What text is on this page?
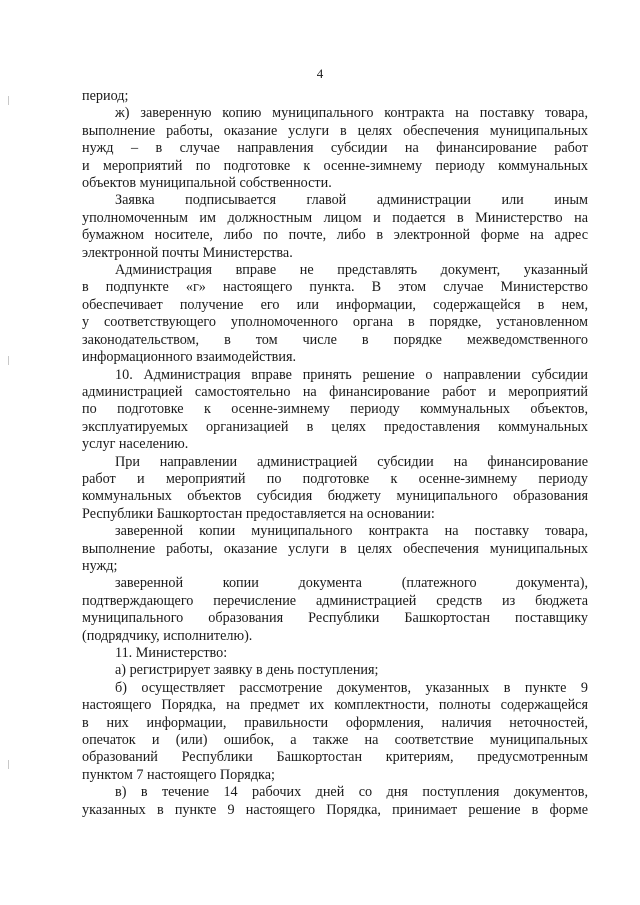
4
период;
ж) заверенную копию муниципального контракта на поставку товара,
выполнение работы, оказание услуги в целях обеспечения муниципальных
нужд – в случае направления субсидии на финансирование работ
и мероприятий по подготовке к осенне-зимнему периоду коммунальных
объектов муниципальной собственности.
Заявка подписывается главой администрации или иным
уполномоченным им должностным лицом и подается в Министерство на
бумажном носителе, либо по почте, либо в электронной форме на адрес
электронной почты Министерства.
Администрация вправе не представлять документ, указанный
в подпункте «г» настоящего пункта. В этом случае Министерство
обеспечивает получение его или информации, содержащейся в нем,
у соответствующего уполномоченного органа в порядке, установленном
законодательством, в том числе в порядке межведомственного
информационного взаимодействия.
10. Администрация вправе принять решение о направлении субсидии
администрацией самостоятельно на финансирование работ и мероприятий
по подготовке к осенне-зимнему периоду коммунальных объектов,
эксплуатируемых организацией в целях предоставления коммунальных
услуг населению.
При направлении администрацией субсидии на финансирование
работ и мероприятий по подготовке к осенне-зимнему периоду
коммунальных объектов субсидия бюджету муниципального образования
Республики Башкортостан предоставляется на основании:
заверенной копии муниципального контракта на поставку товара,
выполнение работы, оказание услуги в целях обеспечения муниципальных
нужд;
заверенной копии документа (платежного документа),
подтверждающего перечисление администрацией средств из бюджета
муниципального образования Республики Башкортостан поставщику
(подрядчику, исполнителю).
11. Министерство:
а) регистрирует заявку в день поступления;
б) осуществляет рассмотрение документов, указанных в пункте 9
настоящего Порядка, на предмет их комплектности, полноты содержащейся
в них информации, правильности оформления, наличия неточностей,
опечаток и (или) ошибок, а также на соответствие муниципальных
образований Республики Башкортостан критериям, предусмотренным
пунктом 7 настоящего Порядка;
в) в течение 14 рабочих дней со дня поступления документов,
указанных в пункте 9 настоящего Порядка, принимает решение в форме
